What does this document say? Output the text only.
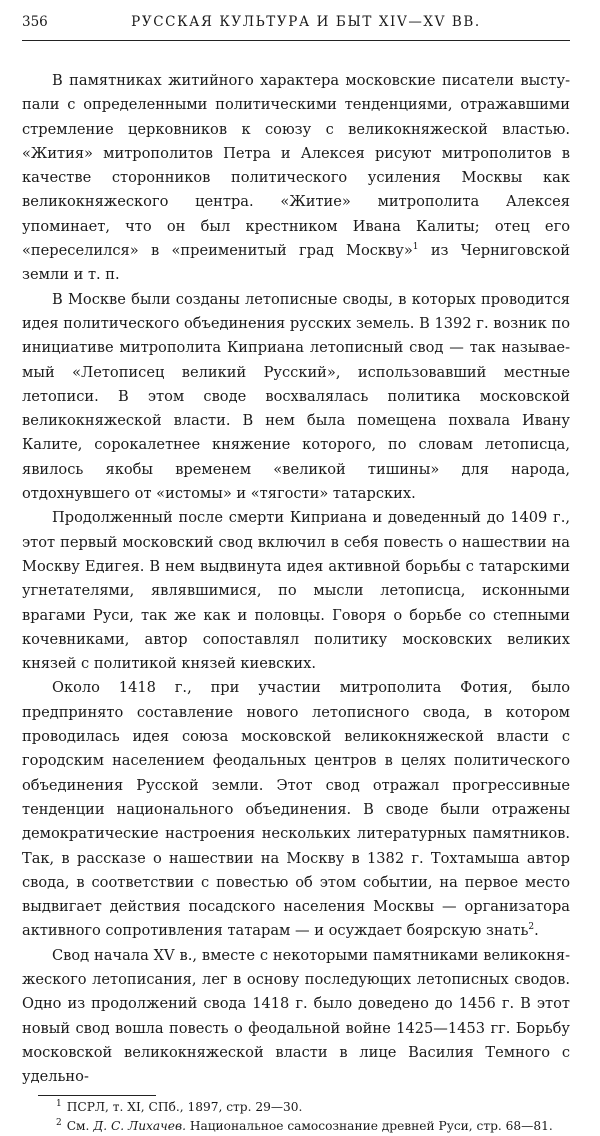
356	РУССКАЯ КУЛЬТУРА И БЫТ XIV—XV ВВ.

В памятниках житийного характера московские писатели выступали с определенными политическими тенденциями, отражавшими стремление церковников к союзу с великокняжеской властью. «Жития» митрополитов Петра и Алексея рисуют митрополитов в качестве сторонников политического усиления Москвы как великокняжеского центра. «Житие» митрополита Алексея упоминает, что он был крестником Ивана Калиты; отец его «переселился» в «преименитый град Москву»$^1$ из Черниговской земли и т. п.

В Москве были созданы летописные своды, в которых проводится идея политического объединения русских земель. В 1392 г. возник по инициативе митрополита Киприана летописный свод — так называемый «Летописец великий Русский», использовавший местные летописи. В этом своде восхвалялась политика московской великокняжеской власти. В нем была помещена похвала Ивану Калите, сорокалетнее княжение которого, по словам летописца, явилось якобы временем «великой тишины» для народа, отдохнувшего от «истомы» и «тягости» татарских.

Продолженный после смерти Киприана и доведенный до 1409 г., этот первый московский свод включил в себя повесть о нашествии на Москву Едигея. В нем выдвинута идея активной борьбы с татарскими угнетателями, являвшимися, по мысли летописца, исконными врагами Руси, так же как и половцы. Говоря о борьбе со степными кочевниками, автор сопоставлял политику московских великих князей с политикой князей киевских.

Около 1418 г., при участии митрополита Фотия, было предпринято составление нового летописного свода, в котором проводилась идея союза московской великокняжеской власти с городским населением феодальных центров в целях политического объединения Русской земли. Этот свод отражал прогрессивные тенденции национального объединения. В своде были отражены демократические настроения нескольких литературных памятников. Так, в рассказе о нашествии на Москву в 1382 г. Тохтамыша автор свода, в соответствии с повестью об этом событии, на первое место выдвигает действия посадского населения Москвы — организатора активного сопротивления татарам — и осуждает боярскую знать$^2$.

Свод начала XV в., вместе с некоторыми памятниками великокняжеского летописания, лег в основу последующих летописных сводов. Одно из продолжений свода 1418 г. было доведено до 1456 г. В этот новый свод вошла повесть о феодальной войне 1425—1453 гг. Борьбу московской великокняжеской власти в лице Василия Темного с удельно-

$^1$ ПСРЛ, т. XI, СПб., 1897, стр. 29—30.

$^2$ См. Д. С. Лихачев. Национальное самосознание древней Руси, стр. 68—81.
